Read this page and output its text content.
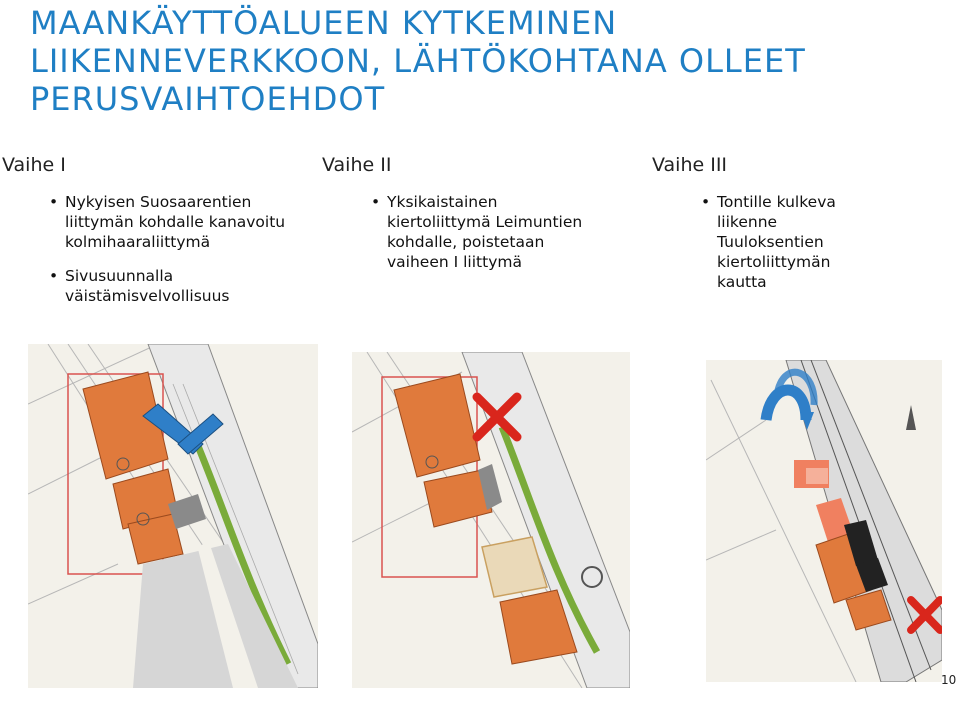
MAANKÄYTTÖALUEEN KYTKEMINEN LIIKENNEVERKKOON, LÄHTÖKOHTANA OLLEET PERUSVAIHTOEHDOT
Vaihe I	Vaihe II	Vaihe III
• Nykyisen Suosaarentien liittymän kohdalle kanavoitu kolmihaaraliittymä
• Sivusuunnalla väistämisvelvollisuus
• Yksikaistainen kiertoliittymä Leimuntien kohdalle, poistetaan vaiheen I liittymä
• Tontille kulkeva liikenne Tuuloksentien kiertoliittymän kautta
10
